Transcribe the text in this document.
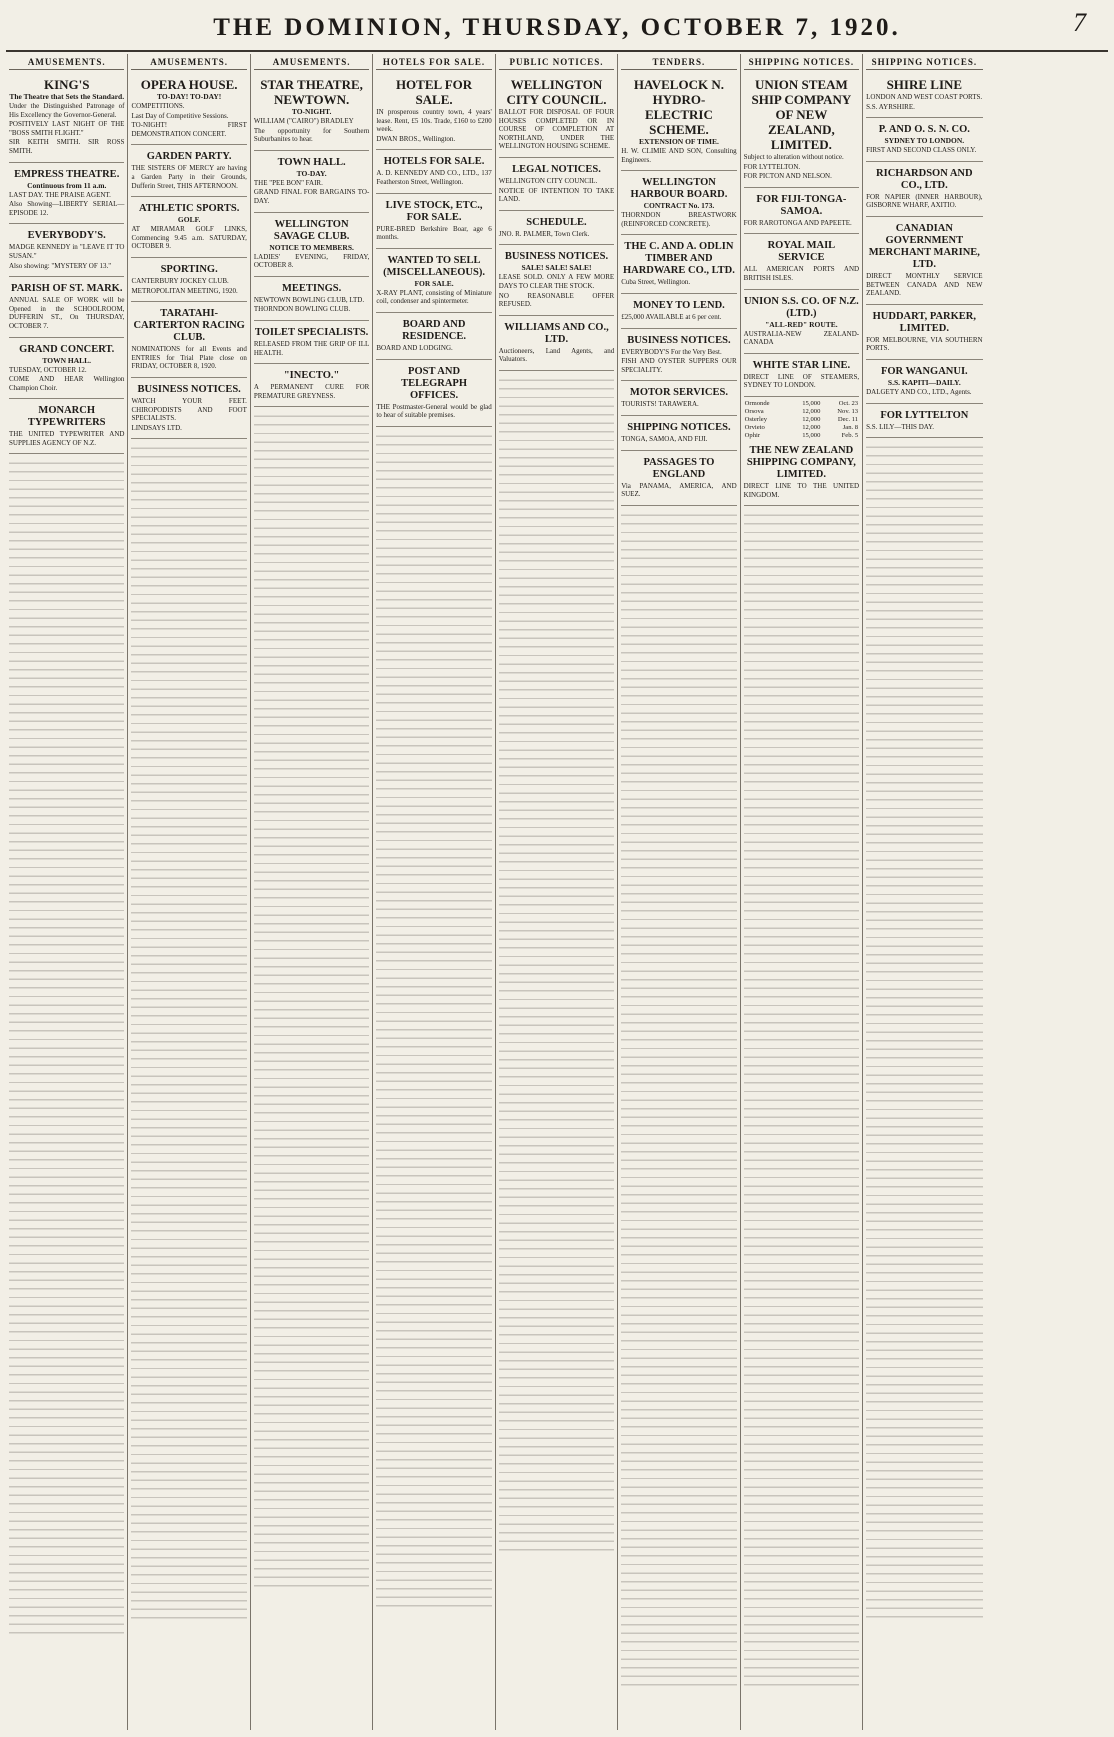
THE DOMINION, THURSDAY, OCTOBER 7, 1920.	7
AMUSEMENTS.
KING'S
The Theatre that Sets the Standard.

Under the Distinguished Patronage of His Excellency the Governor-General.

POSITIVELY LAST NIGHT OF THE "BOSS SMITH FLIGHT."

SIR KEITH SMITH. SIR ROSS SMITH.

EMPRESS THEATRE.
Continuous from 11 a.m.

LAST DAY. THE PRAISE AGENT.

Also Showing—LIBERTY SERIAL—EPISODE 12.

EVERYBODY'S.

MADGE KENNEDY in "LEAVE IT TO SUSAN."

Also showing: "MYSTERY OF 13."

PARISH OF ST. MARK.

ANNUAL SALE OF WORK will be Opened in the SCHOOLROOM, DUFFERIN ST., On THURSDAY, OCTOBER 7.

GRAND CONCERT.
TOWN HALL.

TUESDAY, OCTOBER 12.

COME AND HEAR Wellington Champion Choir.

MONARCH TYPEWRITERS

THE UNITED TYPEWRITER AND SUPPLIES AGENCY OF N.Z.

AMUSEMENTS.
OPERA HOUSE.
TO-DAY! TO-DAY!

COMPETITIONS.

Last Day of Competitive Sessions.

TO-NIGHT! FIRST DEMONSTRATION CONCERT.

GARDEN PARTY.

THE SISTERS OF MERCY are having a Garden Party in their Grounds, Dufferin Street, THIS AFTERNOON.

ATHLETIC SPORTS.
GOLF.

AT MIRAMAR GOLF LINKS, Commencing 9.45 a.m. SATURDAY, OCTOBER 9.

SPORTING.

CANTERBURY JOCKEY CLUB.

METROPOLITAN MEETING, 1920.

TARATAHI-CARTERTON RACING CLUB.

NOMINATIONS for all Events and ENTRIES for Trial Plate close on FRIDAY, OCTOBER 8, 1920.

BUSINESS NOTICES.

WATCH YOUR FEET. CHIROPODISTS AND FOOT SPECIALISTS.

LINDSAYS LTD.

AMUSEMENTS.
STAR THEATRE, NEWTOWN.
TO-NIGHT.

WILLIAM ("CAIRO") BRADLEY

The opportunity for Southern Suburbanites to hear.

TOWN HALL.
TO-DAY.

THE "PEE BON" FAIR.

GRAND FINAL FOR BARGAINS TO-DAY.

WELLINGTON SAVAGE CLUB.
NOTICE TO MEMBERS.

LADIES' EVENING, FRIDAY, OCTOBER 8.

MEETINGS.

NEWTOWN BOWLING CLUB, LTD.

THORNDON BOWLING CLUB.

TOILET SPECIALISTS.

RELEASED FROM THE GRIP OF ILL HEALTH.

"INECTO."

A PERMANENT CURE FOR PREMATURE GREYNESS.

HOTELS FOR SALE.
HOTEL FOR SALE.

IN prosperous country town, 4 years' lease. Rent, £5 10s. Trade, £160 to £200 week.

DWAN BROS., Wellington.

HOTELS FOR SALE.

A. D. KENNEDY AND CO., LTD., 137 Featherston Street, Wellington.

LIVE STOCK, ETC., FOR SALE.

PURE-BRED Berkshire Boar, age 6 months.

WANTED TO SELL (MISCELLANEOUS).
FOR SALE.

X-RAY PLANT, consisting of Miniature coil, condenser and spintermeter.

BOARD AND RESIDENCE.

BOARD AND LODGING.

POST AND TELEGRAPH OFFICES.

THE Postmaster-General would be glad to hear of suitable premises.

PUBLIC NOTICES.
WELLINGTON CITY COUNCIL.

BALLOT FOR DISPOSAL OF FOUR HOUSES COMPLETED OR IN COURSE OF COMPLETION AT NORTHLAND, UNDER THE WELLINGTON HOUSING SCHEME.

LEGAL NOTICES.

WELLINGTON CITY COUNCIL.

NOTICE OF INTENTION TO TAKE LAND.

SCHEDULE.

JNO. R. PALMER, Town Clerk.

BUSINESS NOTICES.
SALE! SALE! SALE!

LEASE SOLD. ONLY A FEW MORE DAYS TO CLEAR THE STOCK.

NO REASONABLE OFFER REFUSED.

WILLIAMS AND CO., LTD.

Auctioneers, Land Agents, and Valuators.

TENDERS.
HAVELOCK N. HYDRO-ELECTRIC SCHEME.
EXTENSION OF TIME.

H. W. CLIMIE AND SON, Consulting Engineers.

WELLINGTON HARBOUR BOARD.
CONTRACT No. 173.

THORNDON BREASTWORK (REINFORCED CONCRETE).

THE C. AND A. ODLIN TIMBER AND HARDWARE CO., LTD.

Cuba Street, Wellington.

MONEY TO LEND.

£25,000 AVAILABLE at 6 per cent.

BUSINESS NOTICES.

EVERYBODY'S For the Very Best.

FISH AND OYSTER SUPPERS OUR SPECIALITY.

MOTOR SERVICES.

TOURISTS! TARAWERA.

SHIPPING NOTICES.

TONGA, SAMOA, AND FIJI.

PASSAGES TO ENGLAND

Via PANAMA, AMERICA, AND SUEZ.

SHIPPING NOTICES.
UNION STEAM SHIP COMPANY OF NEW ZEALAND, LIMITED.

Subject to alteration without notice.

FOR LYTTELTON.

FOR PICTON AND NELSON.

FOR FIJI-TONGA-SAMOA.

FOR RAROTONGA AND PAPEETE.

ROYAL MAIL SERVICE

ALL AMERICAN PORTS AND BRITISH ISLES.

UNION S.S. CO. OF N.Z. (LTD.)
"ALL-RED" ROUTE.

AUSTRALIA-NEW ZEALAND-CANADA

WHITE STAR LINE.

DIRECT LINE OF STEAMERS, SYDNEY TO LONDON.

Ormonde	15,000	Oct. 23
Orsova	12,000	Nov. 13
Osterley	12,000	Dec. 11
Orvieto	12,000	Jan. 8
Ophir	15,000	Feb. 5
THE NEW ZEALAND SHIPPING COMPANY, LIMITED.

DIRECT LINE TO THE UNITED KINGDOM.

SHIPPING NOTICES.
SHIRE LINE

LONDON AND WEST COAST PORTS.

S.S. AYRSHIRE.

P. AND O. S. N. CO.
SYDNEY TO LONDON.

FIRST AND SECOND CLASS ONLY.

RICHARDSON AND CO., LTD.

FOR NAPIER (INNER HARBOUR), GISBORNE WHARF, AXITIO.

CANADIAN GOVERNMENT MERCHANT MARINE, LTD.

DIRECT MONTHLY SERVICE BETWEEN CANADA AND NEW ZEALAND.

HUDDART, PARKER, LIMITED.

FOR MELBOURNE, VIA SOUTHERN PORTS.

FOR WANGANUI.
S.S. KAPITI—DAILY.

DALGETY AND CO., LTD., Agents.

FOR LYTTELTON

S.S. LILY—THIS DAY.
